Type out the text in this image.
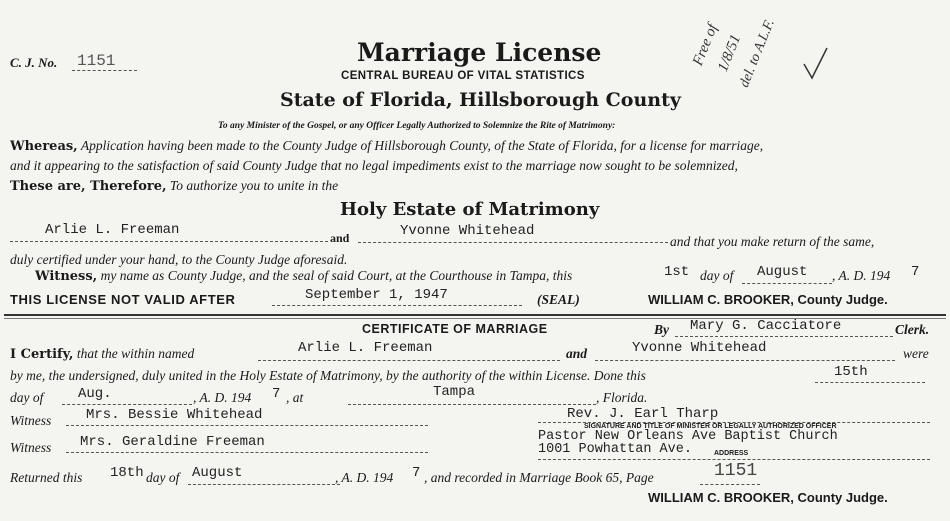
C. J. No. 1151	Marriage License
CENTRAL BUREAU OF VITAL STATISTICS
State of Florida, Hillsborough County
To any Minister of the Gospel, or any Officer Legally Authorized to Solemnize the Rite of Matrimony:
Free of
1/8/51
del. to A.L.F.
Whereas, Application having been made to the County Judge of Hillsborough County, of the State of Florida, for a license for marriage,
and it appearing to the satisfaction of said County Judge that no legal impediments exist to the marriage now sought to be solemnized,
These are, Therefore, To authorize you to unite in the
Holy Estate of Matrimony
Arlie L. Freeman	and	Yvonne Whitehead
and that you make return of the same,
duly certified under your hand, to the County Judge aforesaid.
Witness, my name as County Judge, and the seal of said Court, at the Courthouse in Tampa, this	1st day of August , A. D. 194 7
THIS LICENSE NOT VALID AFTER	September 1, 1947	(SEAL)	WILLIAM C. BROOKER, County Judge.
CERTIFICATE OF MARRIAGE	By Mary G. Cacciatore	Clerk.
I Certify, that the within named	Arlie L. Freeman	and	Yvonne Whitehead	were
by me, the undersigned, duly united in the Holy Estate of Matrimony, by the authority of the within License. Done this	15th
day of Aug.	, A. D. 194 7 , at	Tampa	, Florida.
Witness Mrs. Bessie Whitehead	Rev. J. Earl Tharp
SIGNATURE AND TITLE OF MINISTER OR LEGALLY AUTHORIZED OFFICER
Witness Mrs. Geraldine Freeman	Pastor New Orleans Ave Baptist Church
ADDRESS
1001 Powhattan Ave.
Returned this 18th day of August	, A. D. 194 7 , and recorded in Marriage Book 65, Page	1151
WILLIAM C. BROOKER, County Judge.
